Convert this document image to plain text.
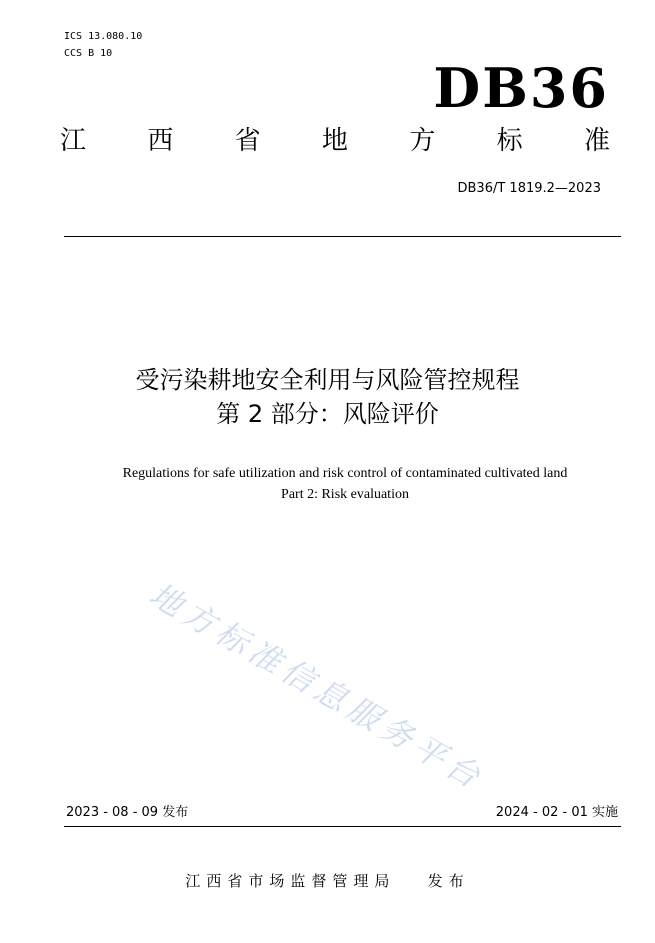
ICS 13.080.10
CCS B 10
DB36
江 西 省 地 方 标 准
DB36/T 1819.2—2023
受污染耕地安全利用与风险管控规程
第 2 部分：风险评价
Regulations for safe utilization and risk control of contaminated cultivated land
Part 2: Risk evaluation
地方标准信息服务平台
2023 - 08 - 09 发布	2024 - 02 - 01 实施
江西省市场监督管理局   发布
